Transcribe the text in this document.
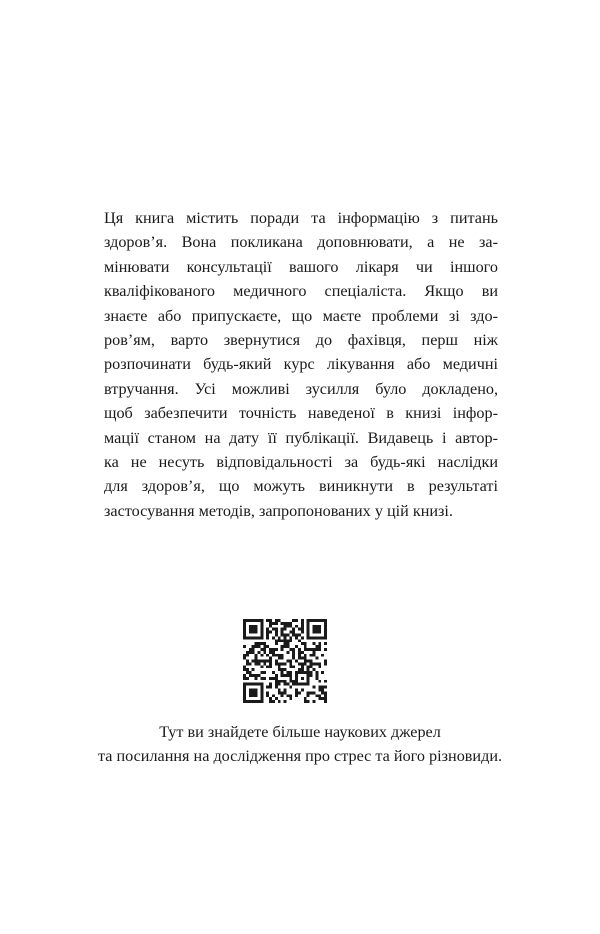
Ця книга містить поради та інформацію з питань
здоров’я. Вона покликана доповнювати, а не за-
мінювати консультації вашого лікаря чи іншого
кваліфікованого медичного спеціаліста. Якщо ви
знаєте або припускаєте, що маєте проблеми зі здо-
ров’ям, варто звернутися до фахівця, перш ніж
розпочинати будь-який курс лікування або медичні
втручання. Усі можливі зусилля було докладено,
щоб забезпечити точність наведеної в книзі інфор-
мації станом на дату її публікації. Видавець і автор-
ка не несуть відповідальності за будь-які наслідки
для здоров’я, що можуть виникнути в результаті
застосування методів, запропонованих у цій книзі.
Тут ви знайдете більше наукових джерел
та посилання на дослідження про стрес та його різновиди.
